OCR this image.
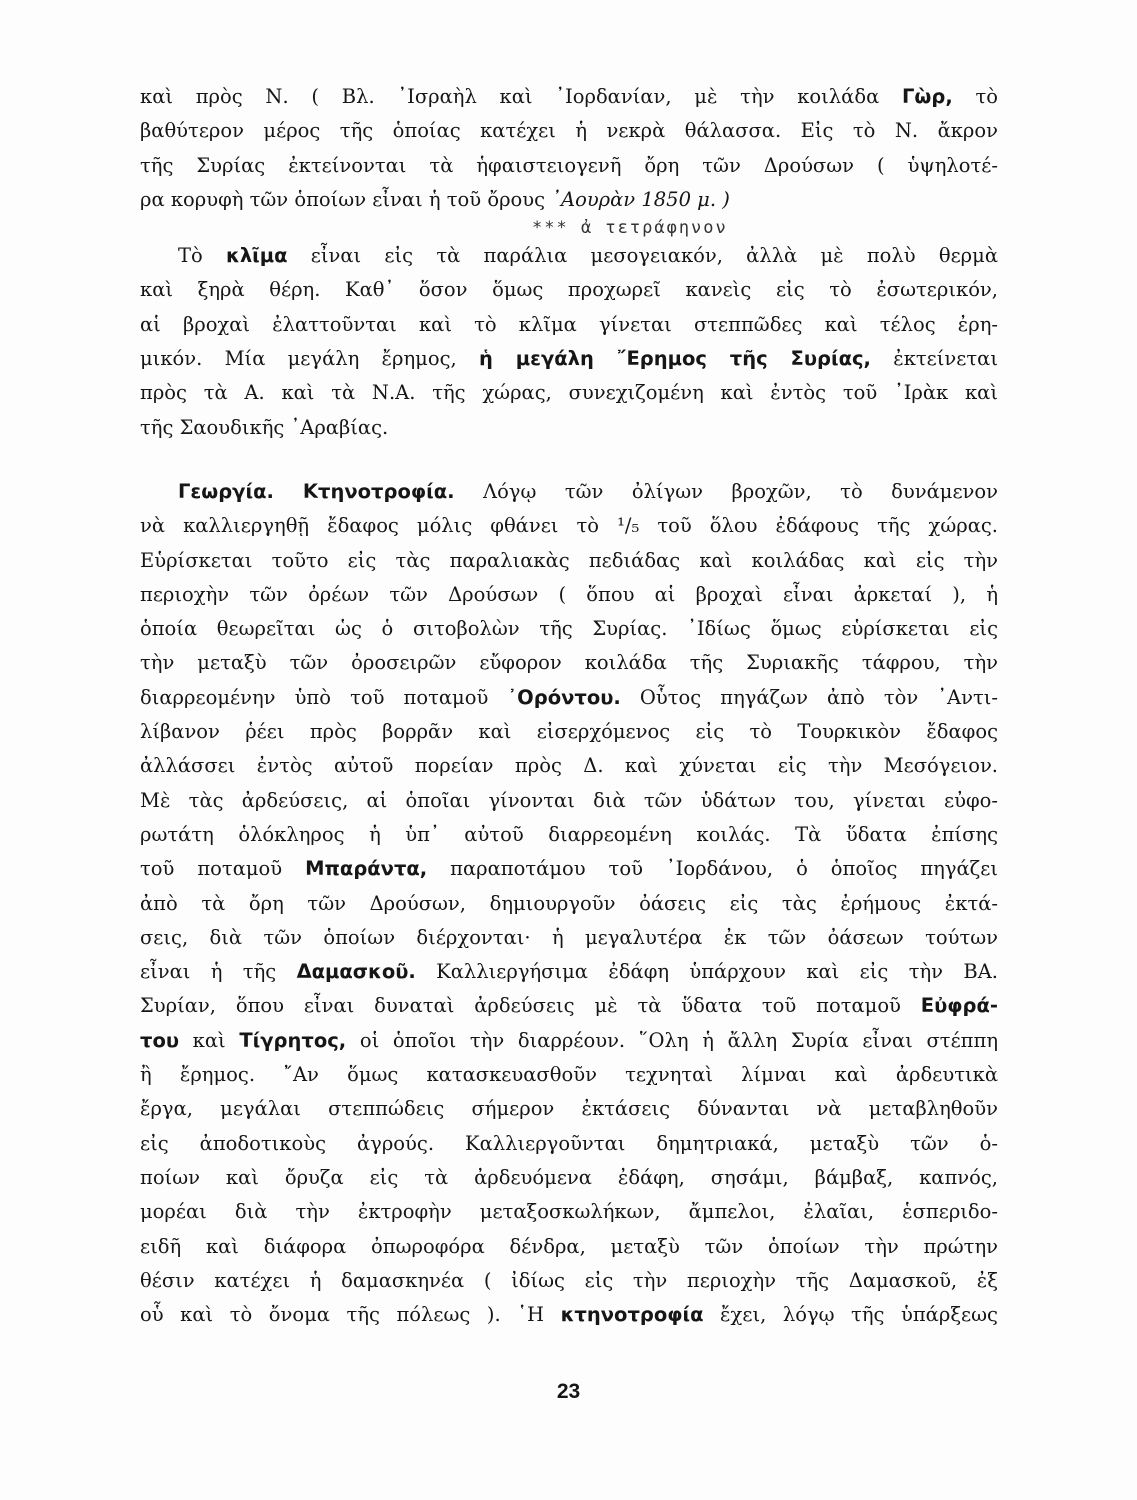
καὶ πρὸς Ν. ( Βλ. ᾿Ισραὴλ καὶ ᾿Ιορδανίαν, μὲ τὴν κοιλάδα Γὼρ, τὸ
βαθύτερον μέρος τῆς ὁποίας κατέχει ἡ νεκρὰ θάλασσα. Εἰς τὸ Ν. ἄκρον
τῆς Συρίας ἐκτείνονται τὰ ἡφαιστειογενῆ ὄρη τῶν Δρούσων ( ὑψηλοτέ-
ρα κορυφὴ τῶν ὁποίων εἶναι ἡ τοῦ ὄρους ᾿Αουρὰν 1850 μ. )
*** ἀ τετράφηνον
Τὸ κλῖμα εἶναι εἰς τὰ παράλια μεσογειακόν, ἀλλὰ μὲ πολὺ θερμὰ
καὶ ξηρὰ θέρη. Καθ᾿ ὅσον ὅμως προχωρεῖ κανεὶς εἰς τὸ ἐσωτερικόν,
αἱ βροχαὶ ἐλαττοῦνται καὶ τὸ κλῖμα γίνεται στεππῶδες καὶ τέλος ἐρη-
μικόν. Μία μεγάλη ἔρημος, ἡ μεγάλη ῎Ερημος τῆς Συρίας, ἐκτείνεται
πρὸς τὰ Α. καὶ τὰ Ν.Α. τῆς χώρας, συνεχιζομένη καὶ ἐντὸς τοῦ ᾿Ιρὰκ καὶ
τῆς Σαουδικῆς ᾿Αραβίας.
Γεωργία. Κτηνοτροφία. Λόγῳ τῶν ὀλίγων βροχῶν, τὸ δυνάμενον
νὰ καλλιεργηθῇ ἔδαφος μόλις φθάνει τὸ ¹/₅ τοῦ ὅλου ἐδάφους τῆς χώρας.
Εὑρίσκεται τοῦτο εἰς τὰς παραλιακὰς πεδιάδας καὶ κοιλάδας καὶ εἰς τὴν
περιοχὴν τῶν ὀρέων τῶν Δρούσων ( ὅπου αἱ βροχαὶ εἶναι ἀρκεταί ), ἡ
ὁποία θεωρεῖται ὡς ὁ σιτοβολὼν τῆς Συρίας. ᾿Ιδίως ὅμως εὑρίσκεται εἰς
τὴν μεταξὺ τῶν ὀροσειρῶν εὔφορον κοιλάδα τῆς Συριακῆς τάφρου, τὴν
διαρρεομένην ὑπὸ τοῦ ποταμοῦ ᾿Ορόντου. Οὗτος πηγάζων ἀπὸ τὸν ᾿Αντι-
λίβανον ῥέει πρὸς βορρᾶν καὶ εἰσερχόμενος εἰς τὸ Τουρκικὸν ἔδαφος
ἀλλάσσει ἐντὸς αὐτοῦ πορείαν πρὸς Δ. καὶ χύνεται εἰς τὴν Μεσόγειον.
Μὲ τὰς ἀρδεύσεις, αἱ ὁποῖαι γίνονται διὰ τῶν ὑδάτων του, γίνεται εὐφο-
ρωτάτη ὁλόκληρος ἡ ὑπ᾿ αὐτοῦ διαρρεομένη κοιλάς. Τὰ ὕδατα ἐπίσης
τοῦ ποταμοῦ Μπαράντα, παραποτάμου τοῦ ᾿Ιορδάνου, ὁ ὁποῖος πηγάζει
ἀπὸ τὰ ὄρη τῶν Δρούσων, δημιουργοῦν ὀάσεις εἰς τὰς ἐρήμους ἐκτά-
σεις, διὰ τῶν ὁποίων διέρχονται· ἡ μεγαλυτέρα ἐκ τῶν ὀάσεων τούτων
εἶναι ἡ τῆς Δαμασκοῦ. Καλλιεργήσιμα ἐδάφη ὑπάρχουν καὶ εἰς τὴν ΒΑ.
Συρίαν, ὅπου εἶναι δυναταὶ ἀρδεύσεις μὲ τὰ ὕδατα τοῦ ποταμοῦ Εὐφρά-
του καὶ Τίγρητος, οἱ ὁποῖοι τὴν διαρρέουν. ῞Ολη ἡ ἄλλη Συρία εἶναι στέππη
ἢ ἔρημος. ῎Αν ὅμως κατασκευασθοῦν τεχνηταὶ λίμναι καὶ ἀρδευτικὰ
ἔργα, μεγάλαι στεππώδεις σήμερον ἐκτάσεις δύνανται νὰ μεταβληθοῦν
εἰς ἀποδοτικοὺς ἀγρούς. Καλλιεργοῦνται δημητριακά, μεταξὺ τῶν ὁ-
ποίων καὶ ὄρυζα εἰς τὰ ἀρδευόμενα ἐδάφη, σησάμι, βάμβαξ, καπνός,
μορέαι διὰ τὴν ἐκτροφὴν μεταξοσκωλήκων, ἄμπελοι, ἐλαῖαι, ἑσπεριδο-
ειδῆ καὶ διάφορα ὀπωροφόρα δένδρα, μεταξὺ τῶν ὁποίων τὴν πρώτην
θέσιν κατέχει ἡ δαμασκηνέα ( ἰδίως εἰς τὴν περιοχὴν τῆς Δαμασκοῦ, ἐξ
οὗ καὶ τὸ ὄνομα τῆς πόλεως ). ῾Η κτηνοτροφία ἔχει, λόγῳ τῆς ὑπάρξεως
23
